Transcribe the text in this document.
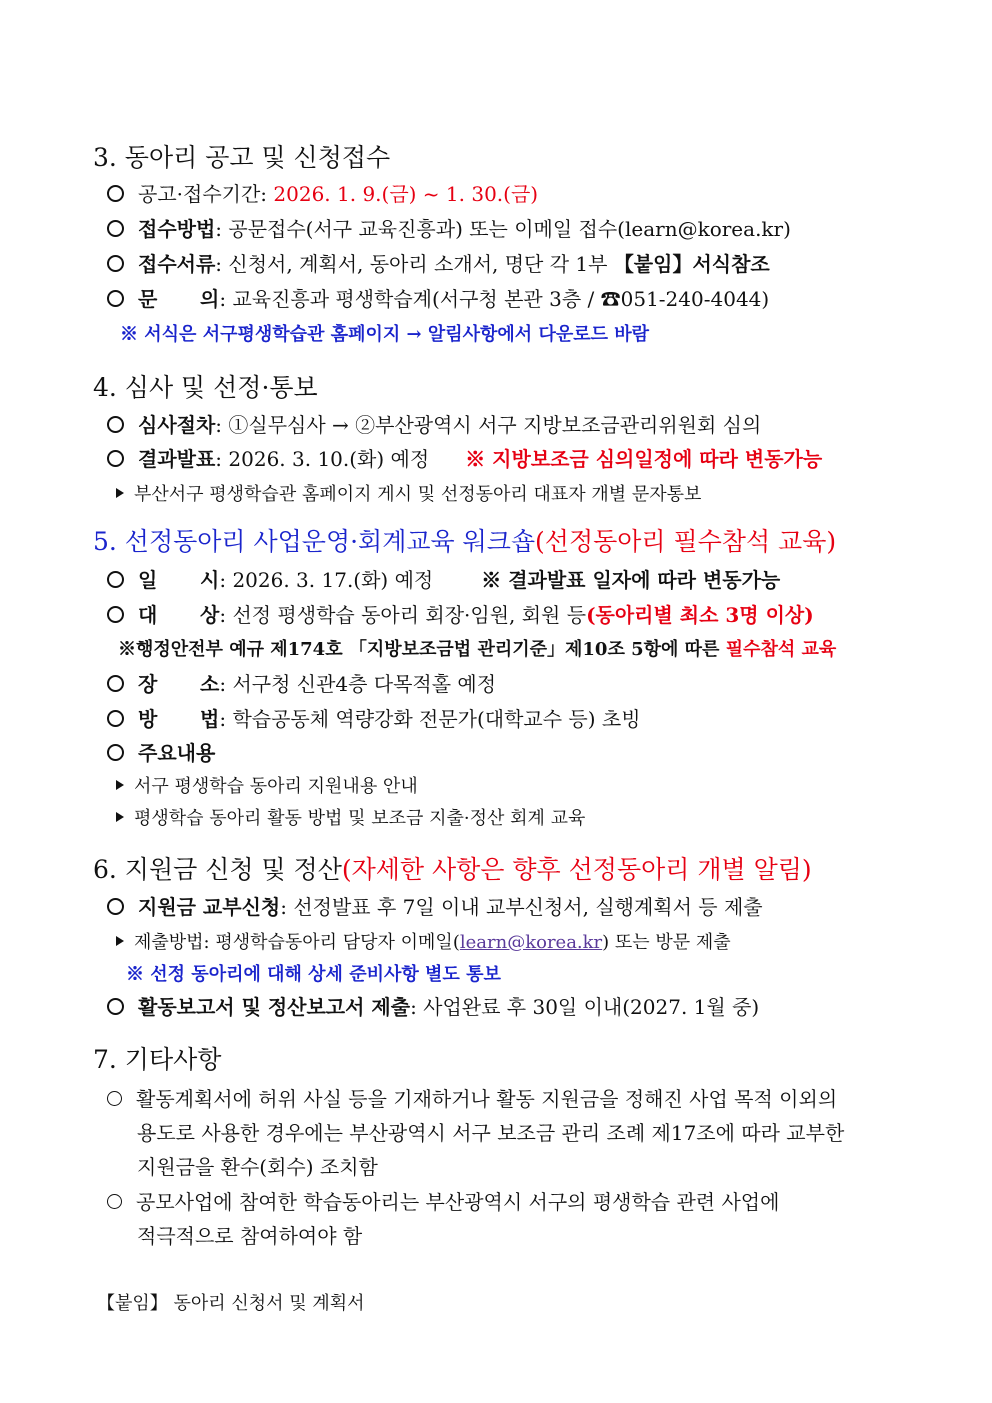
3. 동아리 공고 및 신청접수
공고·접수기간: 2026. 1. 9.(금) ~ 1. 30.(금)
접수방법: 공문접수(서구 교육진흥과) 또는 이메일 접수(learn@korea.kr)
접수서류: 신청서, 계획서, 동아리 소개서, 명단 각 1부 【붙임】서식참조
문 의: 교육진흥과 평생학습계(서구청 본관 3층 / ☎051-240-4044)
※ 서식은 서구평생학습관 홈페이지 → 알림사항에서 다운로드 바람
4. 심사 및 선정·통보
심사절차: ①실무심사 → ②부산광역시 서구 지방보조금관리위원회 심의
결과발표: 2026. 3. 10.(화) 예정 ※ 지방보조금 심의일정에 따라 변동가능
부산서구 평생학습관 홈페이지 게시 및 선정동아리 대표자 개별 문자통보
5. 선정동아리 사업운영·회계교육 워크숍(선정동아리 필수참석 교육)
일 시: 2026. 3. 17.(화) 예정 ※ 결과발표 일자에 따라 변동가능
대 상: 선정 평생학습 동아리 회장·임원, 회원 등(동아리별 최소 3명 이상)
※행정안전부 예규 제174호 「지방보조금법 관리기준」제10조 5항에 따른 필수참석 교육
장 소: 서구청 신관4층 다목적홀 예정
방 법: 학습공동체 역량강화 전문가(대학교수 등) 초빙
주요내용
서구 평생학습 동아리 지원내용 안내
평생학습 동아리 활동 방법 및 보조금 지출·정산 회계 교육
6. 지원금 신청 및 정산(자세한 사항은 향후 선정동아리 개별 알림)
지원금 교부신청: 선정발표 후 7일 이내 교부신청서, 실행계획서 등 제출
제출방법: 평생학습동아리 담당자 이메일(learn@korea.kr) 또는 방문 제출
※ 선정 동아리에 대해 상세 준비사항 별도 통보
활동보고서 및 정산보고서 제출: 사업완료 후 30일 이내(2027. 1월 중)
7. 기타사항
활동계획서에 허위 사실 등을 기재하거나 활동 지원금을 정해진 사업 목적 이외의
용도로 사용한 경우에는 부산광역시 서구 보조금 관리 조례 제17조에 따라 교부한
지원금을 환수(회수) 조치함
공모사업에 참여한 학습동아리는 부산광역시 서구의 평생학습 관련 사업에
적극적으로 참여하여야 함
【붙임】 동아리 신청서 및 계획서
